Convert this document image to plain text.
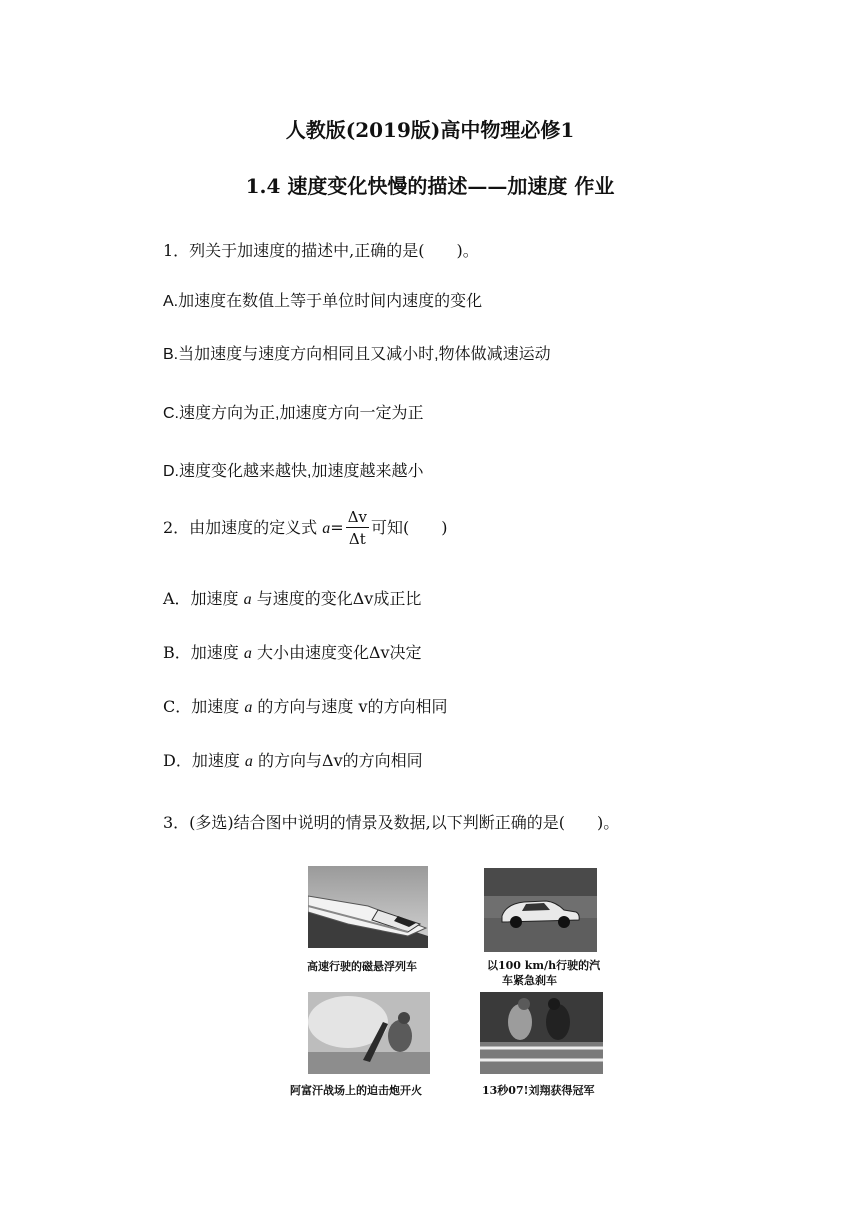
人教版(2019版)高中物理必修1
1.4 速度变化快慢的描述——加速度 作业
1．列关于加速度的描述中,正确的是(　　)。
A.加速度在数值上等于单位时间内速度的变化
B.当加速度与速度方向相同且又减小时,物体做减速运动
C.速度方向为正,加速度方向一定为正
D.速度变化越来越快,加速度越来越小
2．由加速度的定义式 $a= \frac{\Delta v}{\Delta t}$ 可知(　　)
A．加速度 a 与速度的变化Δv成正比
B．加速度 a 大小由速度变化Δv决定
C．加速度 a 的方向与速度 v的方向相同
D．加速度 a 的方向与Δv的方向相同
3．(多选)结合图中说明的情景及数据,以下判断正确的是(　　)。
高速行驶的磁悬浮列车	以100 km/h行驶的汽
车紧急刹车
阿富汗战场上的迫击炮开火	13秒07!刘翔获得冠军
